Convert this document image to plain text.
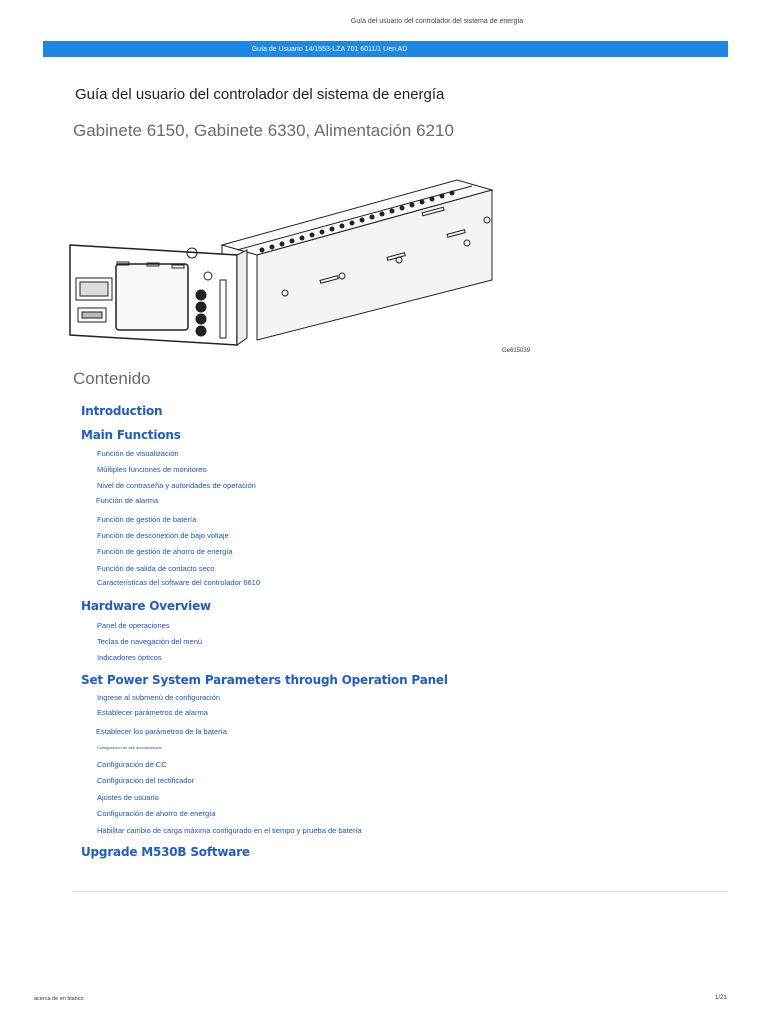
Guía del usuario del controlador del sistema de energía
Guía de Usuario 14/1553-LZA 701 6011/1 Uen AD
Guía del usuario del controlador del sistema de energía
Gabinete 6150, Gabinete 6330, Alimentación 6210
Ge615039
Contenido
Introduction
Main Functions
Función de visualización
Múltiples funciones de monitoreo
Nivel de contraseña y autoridades de operación
Función de alarma
Función de gestión de batería
Función de desconexión de bajo voltaje
Función de gestión de ahorro de energía
Función de salida de contacto seco
Características del software del controlador 6610
Hardware Overview
Panel de operaciones
Teclas de navegación del menú
Indicadores ópticos
Set Power System Parameters through Operation Panel
Ingrese al submenú de configuración
Establecer parámetros de alarma
Establecer los parámetros de la batería
Configuración de aire acondicionado
Configuración de CC
Configuración del rectificador
Ajustes de usuario
Configuración de ahorro de energía
Habilitar cambio de carga máxima configurado en el tiempo y prueba de batería
Upgrade M530B Software
acerca de en blanco	1/21
